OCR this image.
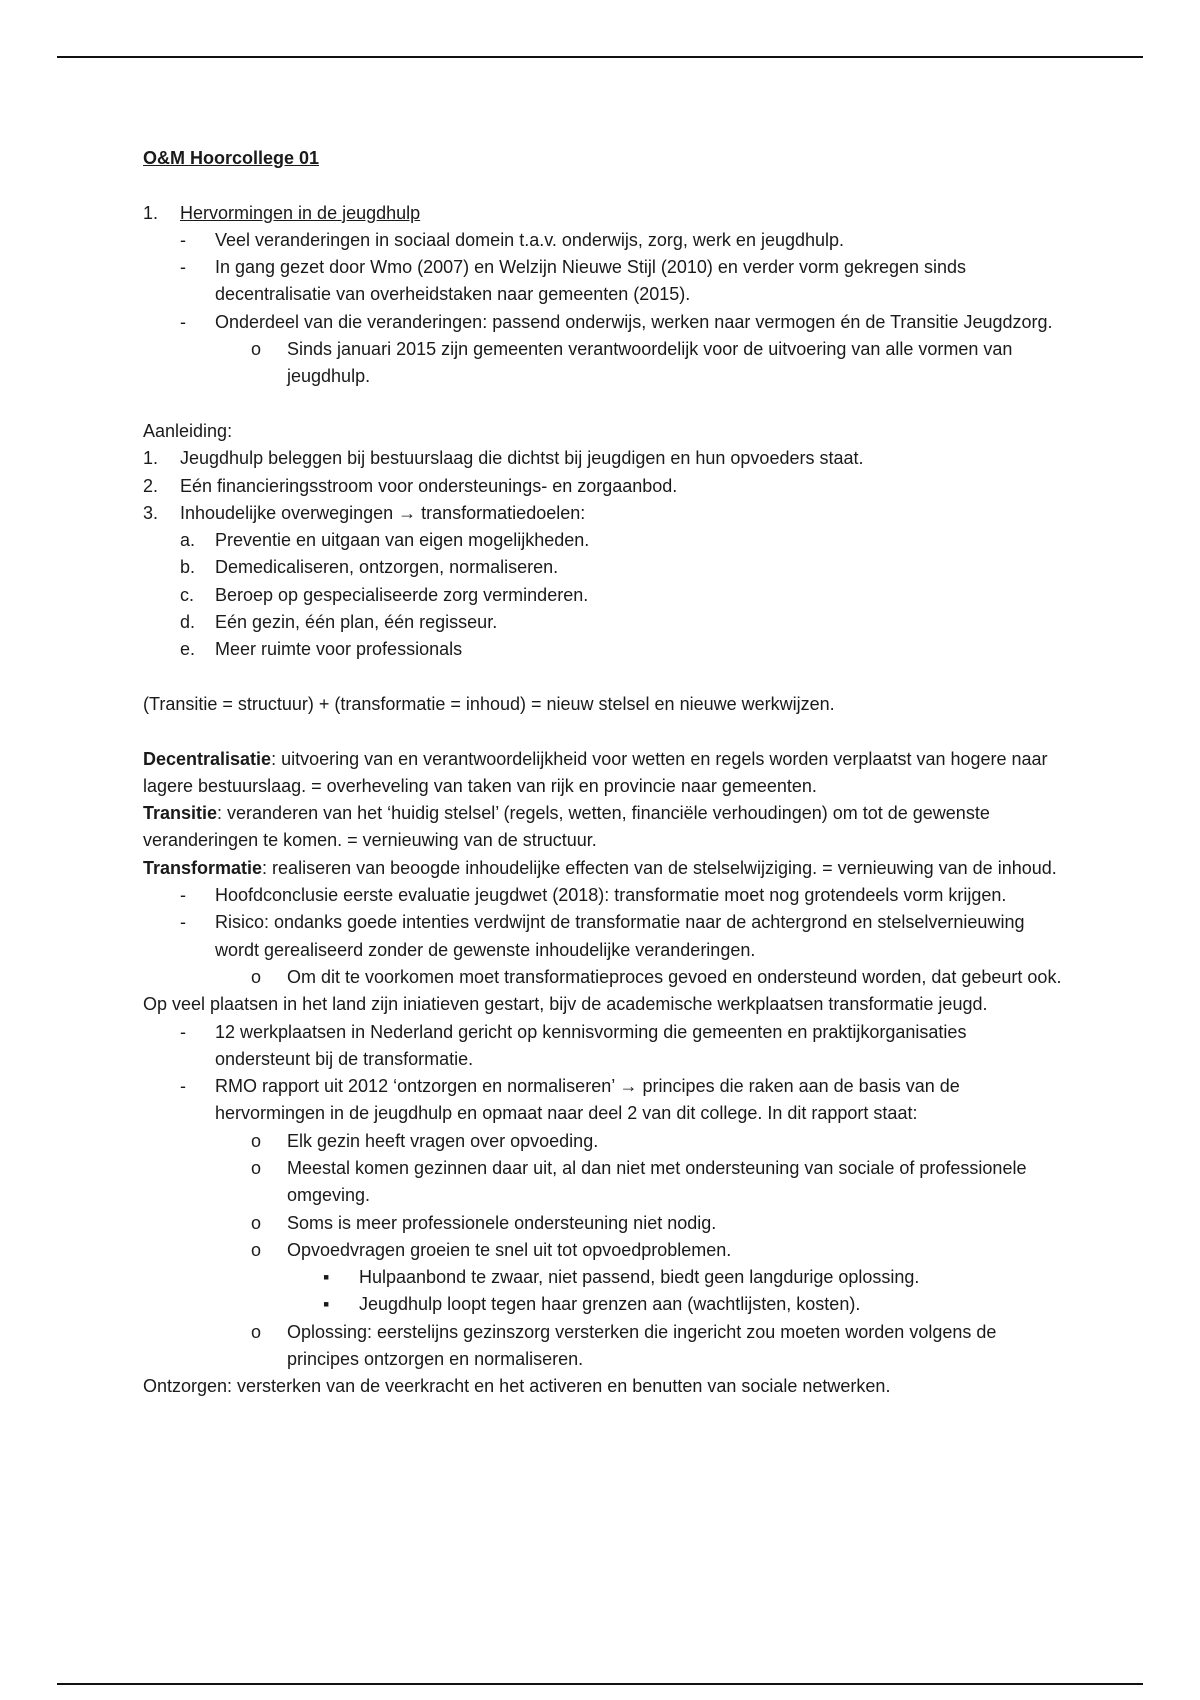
O&M Hoorcollege 01

1.	Hervormingen in de jeugdhulp
-	Veel veranderingen in sociaal domein t.a.v. onderwijs, zorg, werk en jeugdhulp.
-	In gang gezet door Wmo (2007) en Welzijn Nieuwe Stijl (2010) en verder vorm gekregen sinds decentralisatie van overheidstaken naar gemeenten (2015).
-	Onderdeel van die veranderingen: passend onderwijs, werken naar vermogen én de Transitie Jeugdzorg.
o	Sinds januari 2015 zijn gemeenten verantwoordelijk voor de uitvoering van alle vormen van jeugdhulp.

Aanleiding:

1.	Jeugdhulp beleggen bij bestuurslaag die dichtst bij jeugdigen en hun opvoeders staat.
2.	Eén financieringsstroom voor ondersteunings- en zorgaanbod.
3.	Inhoudelijke overwegingen → transformatiedoelen:
a.	Preventie en uitgaan van eigen mogelijkheden.
b.	Demedicaliseren, ontzorgen, normaliseren.
c.	Beroep op gespecialiseerde zorg verminderen.
d.	Eén gezin, één plan, één regisseur.
e.	Meer ruimte voor professionals

(Transitie = structuur) + (transformatie = inhoud) = nieuw stelsel en nieuwe werkwijzen.

Decentralisatie: uitvoering van en verantwoordelijkheid voor wetten en regels worden verplaatst van hogere naar lagere bestuurslaag. = overheveling van taken van rijk en provincie naar gemeenten.

Transitie: veranderen van het ‘huidig stelsel’ (regels, wetten, financiële verhoudingen) om tot de gewenste veranderingen te komen. = vernieuwing van de structuur.

Transformatie: realiseren van beoogde inhoudelijke effecten van de stelselwijziging. = vernieuwing van de inhoud.

-	Hoofdconclusie eerste evaluatie jeugdwet (2018): transformatie moet nog grotendeels vorm krijgen.
-	Risico: ondanks goede intenties verdwijnt de transformatie naar de achtergrond en stelselvernieuwing wordt gerealiseerd zonder de gewenste inhoudelijke veranderingen.
o	Om dit te voorkomen moet transformatieproces gevoed en ondersteund worden, dat gebeurt ook.

Op veel plaatsen in het land zijn iniatieven gestart, bijv de academische werkplaatsen transformatie jeugd.

-	12 werkplaatsen in Nederland gericht op kennisvorming die gemeenten en praktijkorganisaties ondersteunt bij de transformatie.
-	RMO rapport uit 2012 ‘ontzorgen en normaliseren’ → principes die raken aan de basis van de hervormingen in de jeugdhulp en opmaat naar deel 2 van dit college. In dit rapport staat:
o	Elk gezin heeft vragen over opvoeding.
o	Meestal komen gezinnen daar uit, al dan niet met ondersteuning van sociale of professionele omgeving.
o	Soms is meer professionele ondersteuning niet nodig.
o	Opvoedvragen groeien te snel uit tot opvoedproblemen.
▪	Hulpaanbond te zwaar, niet passend, biedt geen langdurige oplossing.
▪	Jeugdhulp loopt tegen haar grenzen aan (wachtlijsten, kosten).
o	Oplossing: eerstelijns gezinszorg versterken die ingericht zou moeten worden volgens de principes ontzorgen en normaliseren.

Ontzorgen: versterken van de veerkracht en het activeren en benutten van sociale netwerken.
